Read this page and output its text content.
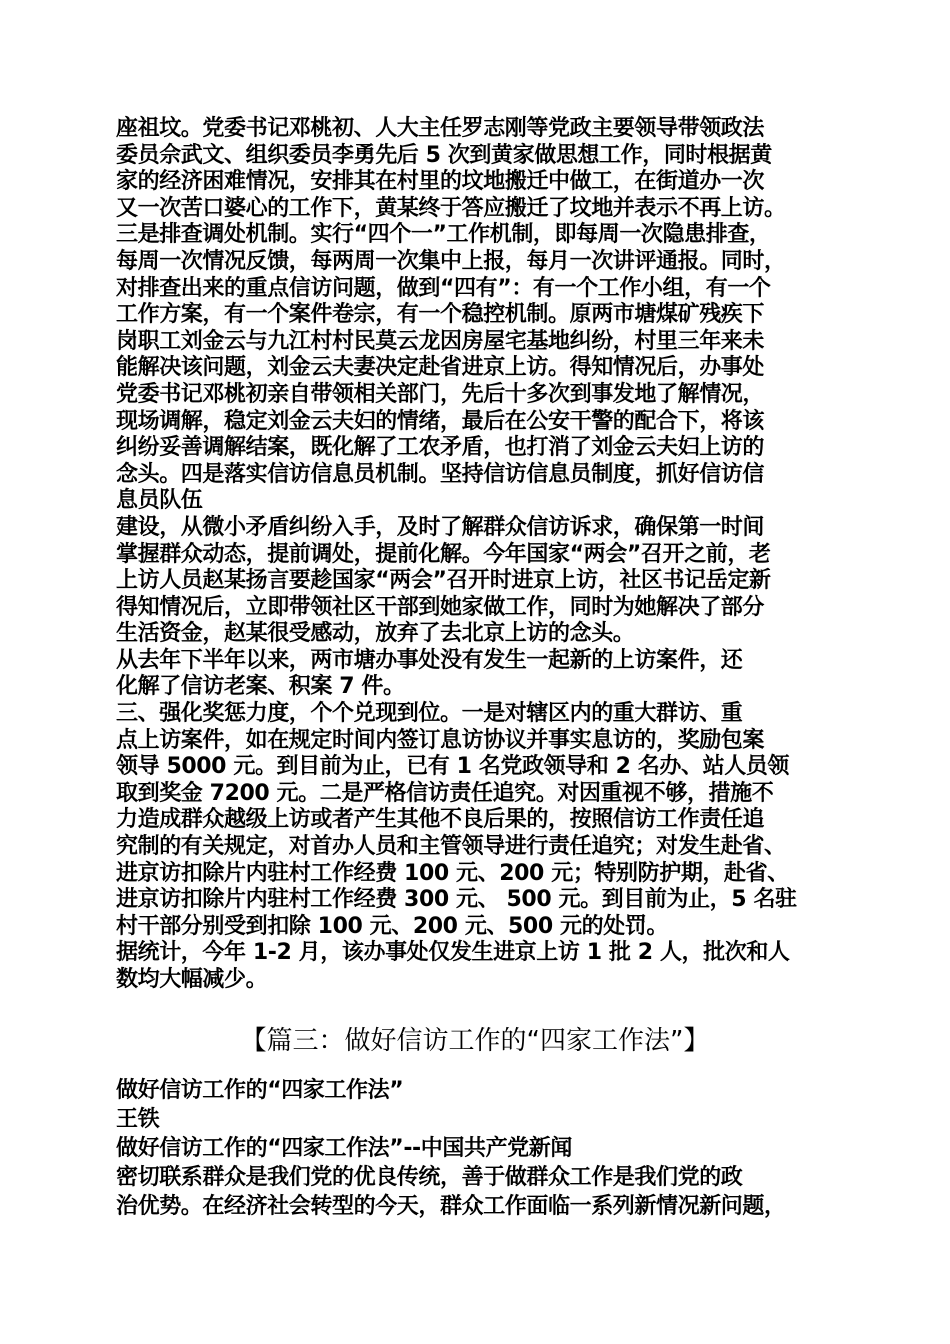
座祖坟。党委书记邓桃初、人大主任罗志刚等党政主要领导带领政法
委员佘武文、组织委员李勇先后 5 次到黄家做思想工作，同时根据黄
家的经济困难情况，安排其在村里的坟地搬迁中做工，在街道办一次
又一次苦口婆心的工作下，黄某终于答应搬迁了坟地并表示不再上访。
三是排查调处机制。实行“四个一”工作机制，即每周一次隐患排查，
每周一次情况反馈，每两周一次集中上报，每月一次讲评通报。同时，
对排查出来的重点信访问题，做到“四有”：有一个工作小组，有一个
工作方案，有一个案件卷宗，有一个稳控机制。原两市塘煤矿残疾下
岗职工刘金云与九江村村民莫云龙因房屋宅基地纠纷，村里三年来未
能解决该问题，刘金云夫妻决定赴省进京上访。得知情况后，办事处
党委书记邓桃初亲自带领相关部门，先后十多次到事发地了解情况，
现场调解，稳定刘金云夫妇的情绪，最后在公安干警的配合下，将该
纠纷妥善调解结案，既化解了工农矛盾，也打消了刘金云夫妇上访的
念头。四是落实信访信息员机制。坚持信访信息员制度，抓好信访信
息员队伍
建设，从微小矛盾纠纷入手，及时了解群众信访诉求，确保第一时间
掌握群众动态，提前调处，提前化解。今年国家“两会”召开之前，老
上访人员赵某扬言要趁国家“两会”召开时进京上访，社区书记岳定新
得知情况后，立即带领社区干部到她家做工作，同时为她解决了部分
生活资金，赵某很受感动，放弃了去北京上访的念头。
从去年下半年以来，两市塘办事处没有发生一起新的上访案件，还
化解了信访老案、积案 7 件。
三、强化奖惩力度，个个兑现到位。一是对辖区内的重大群访、重
点上访案件，如在规定时间内签订息访协议并事实息访的，奖励包案
领导 5000 元。到目前为止，已有 1 名党政领导和 2 名办、站人员领
取到奖金 7200 元。二是严格信访责任追究。对因重视不够，措施不
力造成群众越级上访或者产生其他不良后果的，按照信访工作责任追
究制的有关规定，对首办人员和主管领导进行责任追究；对发生赴省、
进京访扣除片内驻村工作经费 100 元、200 元；特别防护期，赴省、
进京访扣除片内驻村工作经费 300 元、 500 元。到目前为止，5 名驻
村干部分别受到扣除 100 元、200 元、500 元的处罚。
据统计，今年 1-2 月，该办事处仅发生进京上访 1 批 2 人，批次和人
数均大幅减少。
【篇三：做好信访工作的“四家工作法”】
做好信访工作的“四家工作法”
王铁
做好信访工作的“四家工作法”--中国共产党新闻
密切联系群众是我们党的优良传统，善于做群众工作是我们党的政
治优势。在经济社会转型的今天，群众工作面临一系列新情况新问题，
